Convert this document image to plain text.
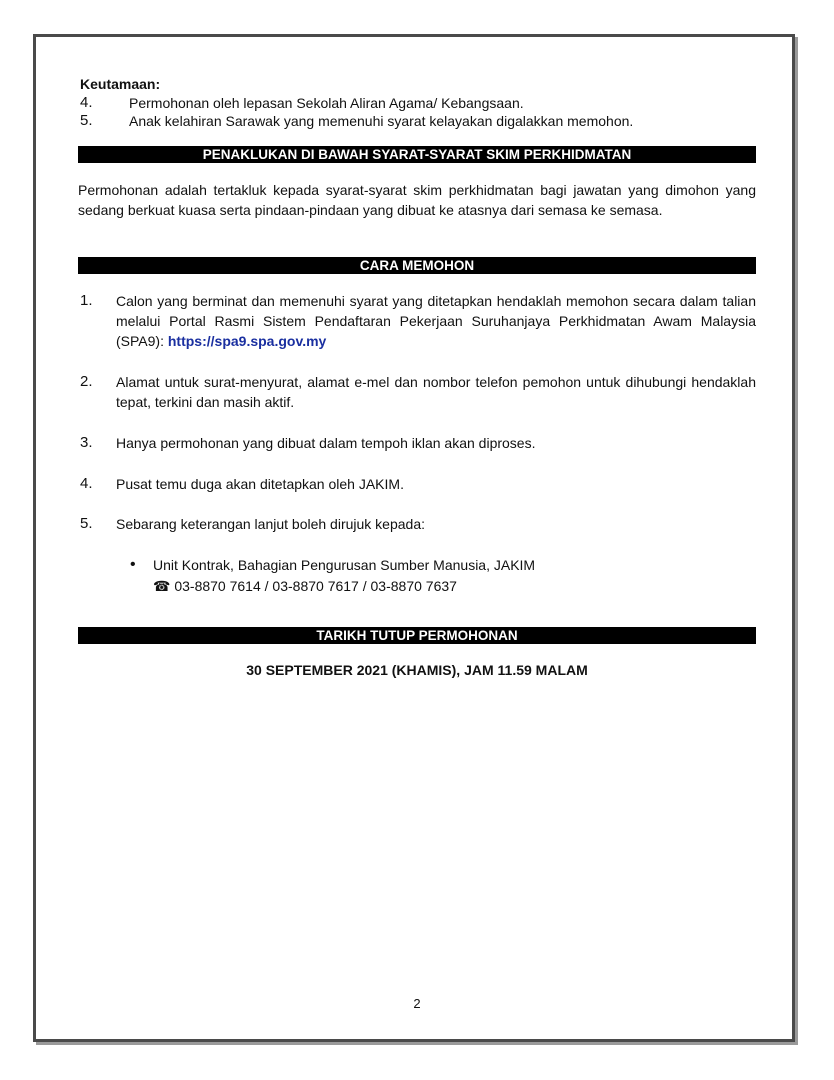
Keutamaan:
4.	Permohonan oleh lepasan Sekolah Aliran Agama/ Kebangsaan.
5.	Anak kelahiran Sarawak yang memenuhi syarat kelayakan digalakkan memohon.
PENAKLUKAN DI BAWAH SYARAT-SYARAT SKIM PERKHIDMATAN
Permohonan adalah tertakluk kepada syarat-syarat skim perkhidmatan bagi jawatan yang dimohon yang sedang berkuat kuasa serta pindaan-pindaan yang dibuat ke atasnya dari semasa ke semasa.
CARA MEMOHON
1. Calon yang berminat dan memenuhi syarat yang ditetapkan hendaklah memohon secara dalam talian melalui Portal Rasmi Sistem Pendaftaran Pekerjaan Suruhanjaya Perkhidmatan Awam Malaysia (SPA9): https://spa9.spa.gov.my
2. Alamat untuk surat-menyurat, alamat e-mel dan nombor telefon pemohon untuk dihubungi hendaklah tepat, terkini dan masih aktif.
3. Hanya permohonan yang dibuat dalam tempoh iklan akan diproses.
4. Pusat temu duga akan ditetapkan oleh JAKIM.
5. Sebarang keterangan lanjut boleh dirujuk kepada:
• Unit Kontrak, Bahagian Pengurusan Sumber Manusia, JAKIM
☎ 03-8870 7614 / 03-8870 7617 / 03-8870 7637
TARIKH TUTUP PERMOHONAN
30 SEPTEMBER 2021 (KHAMIS), JAM 11.59 MALAM
2
